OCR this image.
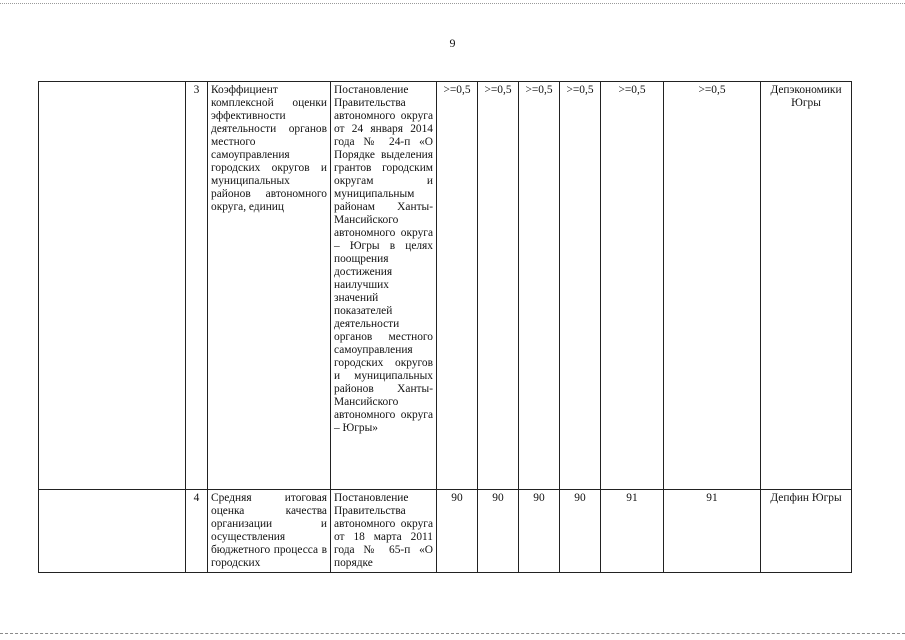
9
	3	Коэффициент комплексной оценки эффективности деятельности органов местного самоуправления городских округов и муниципальных районов автономного округа, единиц	Постановление Правительства автономного округа от 24 января 2014 года № 24-п «О Порядке выделения грантов городским округам и муниципальным районам Ханты-Мансийского автономного округа – Югры в целях поощрения достижения наилучших значений показателей деятельности органов местного самоуправления городских округов и муниципальных районов Ханты-Мансийского автономного округа – Югры»	>=0,5	>=0,5	>=0,5	>=0,5	>=0,5	>=0,5	Депэкономики Югры
	4	Средняя итоговая оценка качества организации и осуществления бюджетного процесса в городских	Постановление Правительства автономного округа от 18 марта 2011 года № 65-п «О порядке	90	90	90	90	91	91	Депфин Югры
